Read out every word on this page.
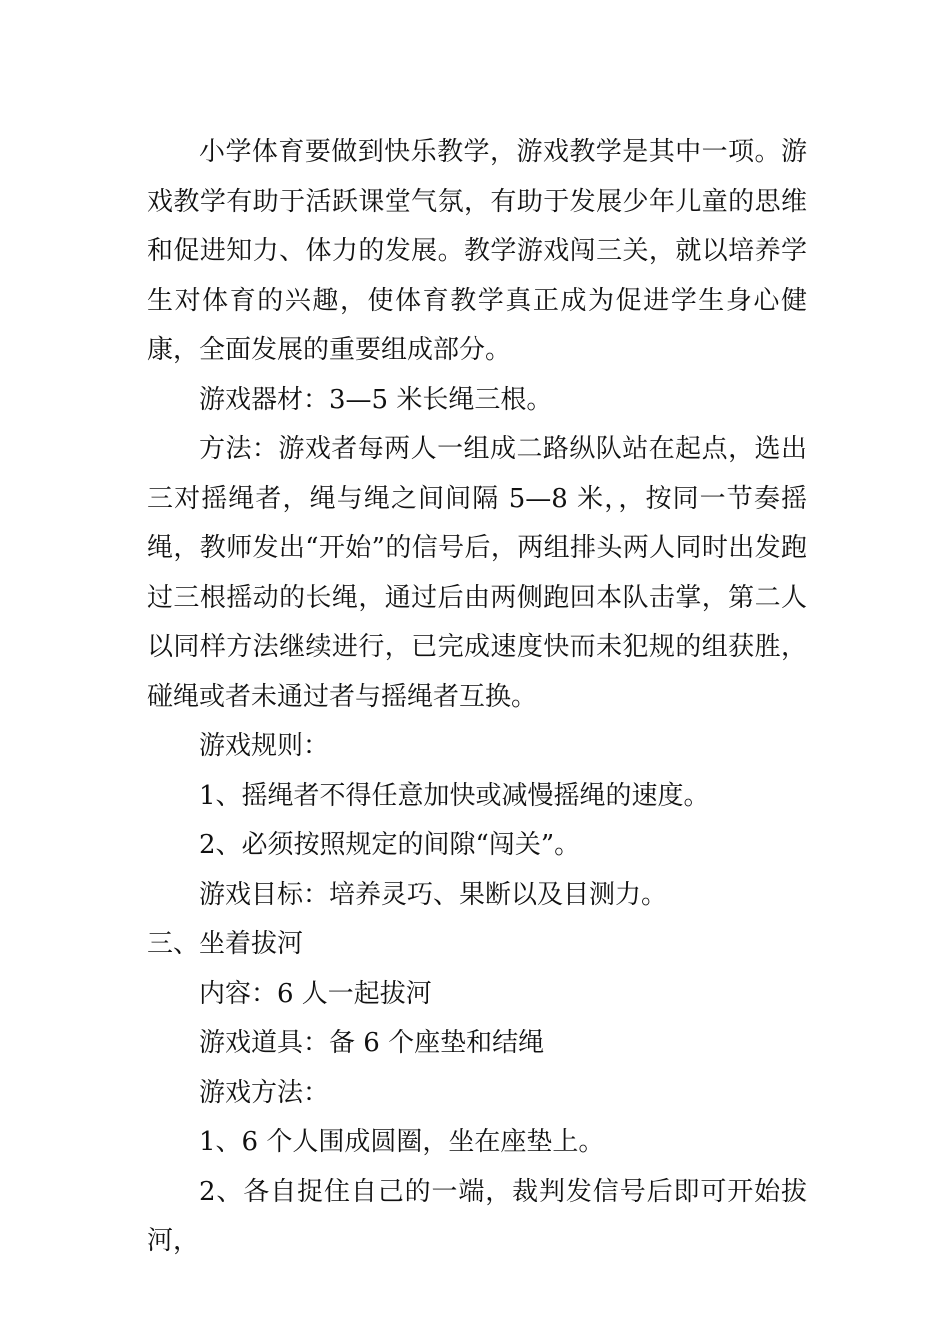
小学体育要做到快乐教学，游戏教学是其中一项。游戏教学有助于活跃课堂气氛，有助于发展少年儿童的思维和促进知力、体力的发展。教学游戏闯三关，就以培养学生对体育的兴趣，使体育教学真正成为促进学生身心健康，全面发展的重要组成部分。

游戏器材：3—5 米长绳三根。

方法：游戏者每两人一组成二路纵队站在起点，选出三对摇绳者，绳与绳之间间隔 5—8 米，，按同一节奏摇绳，教师发出“开始”的信号后，两组排头两人同时出发跑过三根摇动的长绳，通过后由两侧跑回本队击掌，第二人以同样方法继续进行，已完成速度快而未犯规的组获胜，碰绳或者未通过者与摇绳者互换。

游戏规则：

1、摇绳者不得任意加快或减慢摇绳的速度。

2、必须按照规定的间隙“闯关”。

游戏目标：培养灵巧、果断以及目测力。

三、坐着拔河

内容：6 人一起拔河

游戏道具：备 6 个座垫和结绳

游戏方法：

1、6 个人围成圆圈，坐在座垫上。

2、各自捉住自己的一端，裁判发信号后即可开始拔河，
